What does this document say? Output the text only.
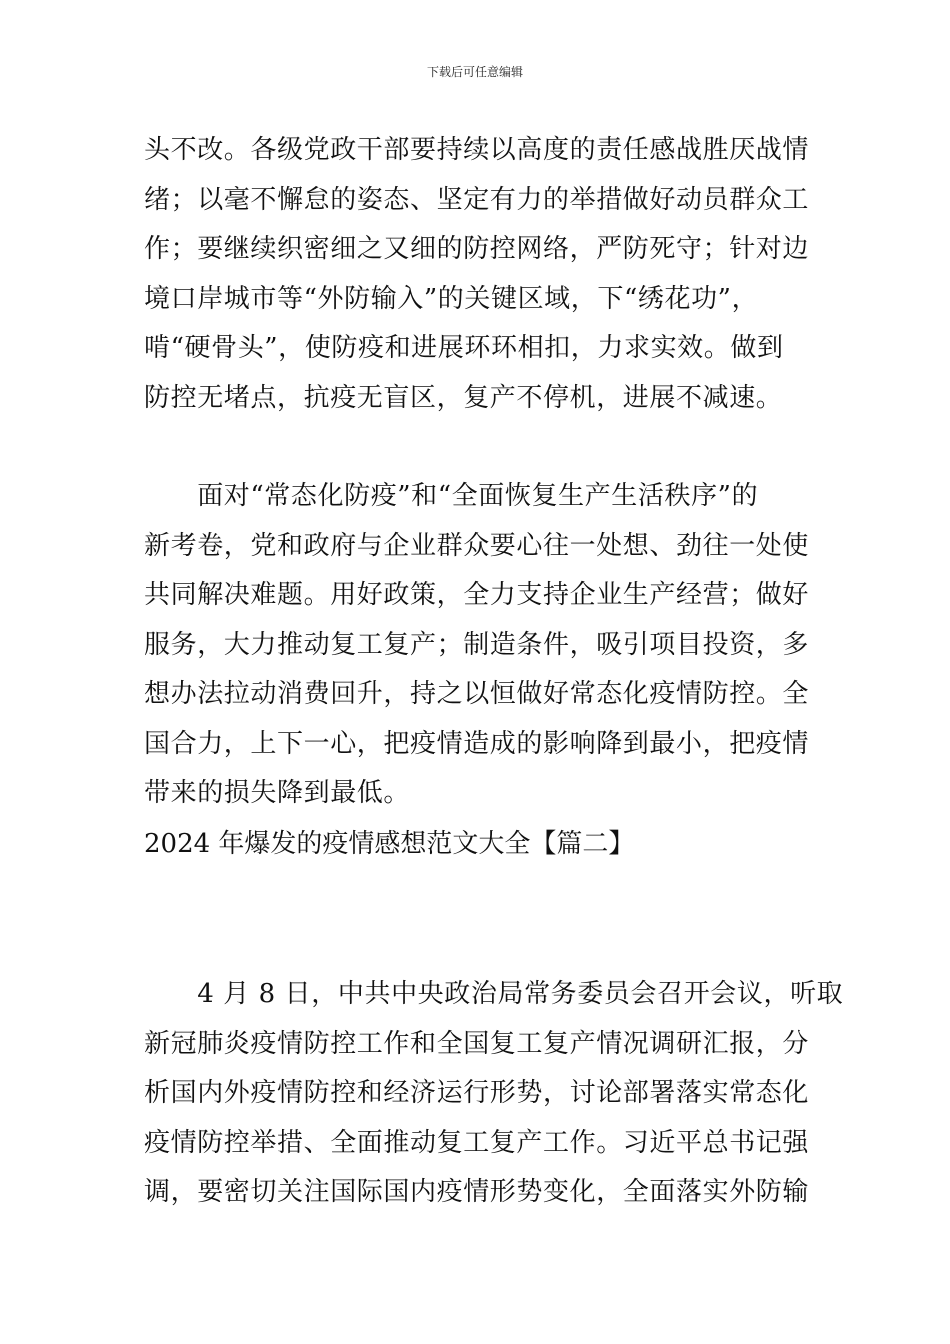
下载后可任意编辑
头不改。各级党政干部要持续以高度的责任感战胜厌战情
绪；以毫不懈怠的姿态、坚定有力的举措做好动员群众工
作；要继续织密细之又细的防控网络，严防死守；针对边
境口岸城市等“外防输入”的关键区域，下“绣花功”，
啃“硬骨头”，使防疫和进展环环相扣，力求实效。做到
防控无堵点，抗疫无盲区，复产不停机，进展不减速。
　　面对“常态化防疫”和“全面恢复生产生活秩序”的
新考卷，党和政府与企业群众要心往一处想、劲往一处使
共同解决难题。用好政策，全力支持企业生产经营；做好
服务，大力推动复工复产；制造条件，吸引项目投资，多
想办法拉动消费回升，持之以恒做好常态化疫情防控。全
国合力，上下一心，把疫情造成的影响降到最小，把疫情
带来的损失降到最低。
2024 年爆发的疫情感想范文大全【篇二】
　　4 月 8 日，中共中央政治局常务委员会召开会议，听取
新冠肺炎疫情防控工作和全国复工复产情况调研汇报，分
析国内外疫情防控和经济运行形势，讨论部署落实常态化
疫情防控举措、全面推动复工复产工作。习近平总书记强
调，要密切关注国际国内疫情形势变化，全面落实外防输
